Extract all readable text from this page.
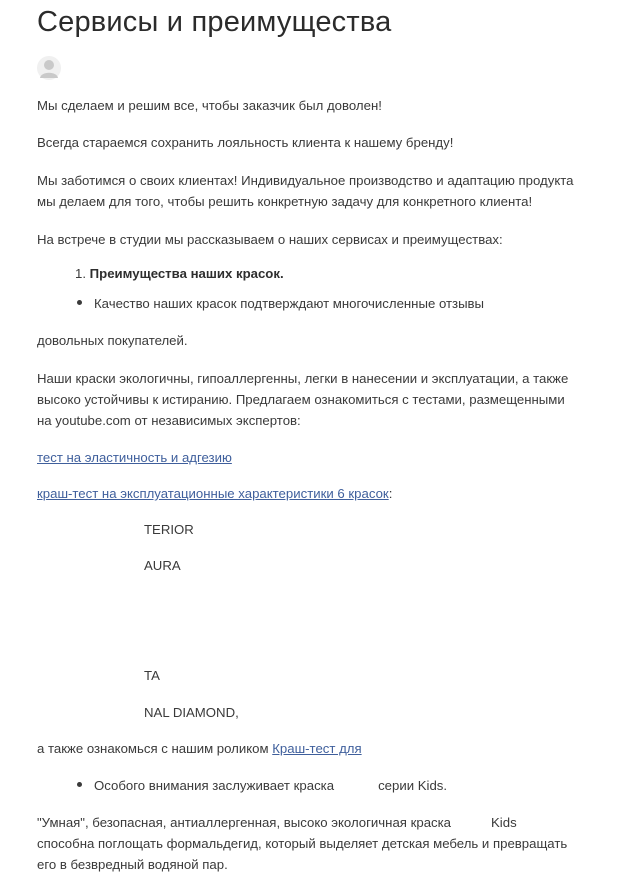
Сервисы и преимущества

Мы сделаем и решим все, чтобы заказчик был доволен!

Всегда стараемся сохранить лояльность клиента к нашему бренду!

Мы заботимся о своих клиентах! Индивидуальное производство и адаптацию продукта

мы делаем для того, чтобы решить конкретную задачу для конкретного клиента!

На встрече в студии мы рассказываем о наших сервисах и преимуществах:

1. Преимущества наших красок.

Качество наших красок подтверждают многочисленные отзывы

довольных покупателей.

Наши краски экологичны, гипоаллергенны, легки в нанесении и эксплуатации, а также

высоко устойчивы к истиранию. Предлагаем ознакомиться с тестами, размещенными

на youtube.com от независимых экспертов:

тест на эластичность и адгезию

краш-тест на эксплуатационные характеристики 6 красок:

TERIOR
AURA
TA
NAL DIAMOND,

а также ознакомься с нашим роликом Краш-тест для

Особого внимания заслуживает краска	серии Kids.

"Умная", безопасная, антиаллергенная, высоко экологичная краска	Kids

способна поглощать формальдегид, который выделяет детская мебель и превращать

его в безвредный водяной пар.
